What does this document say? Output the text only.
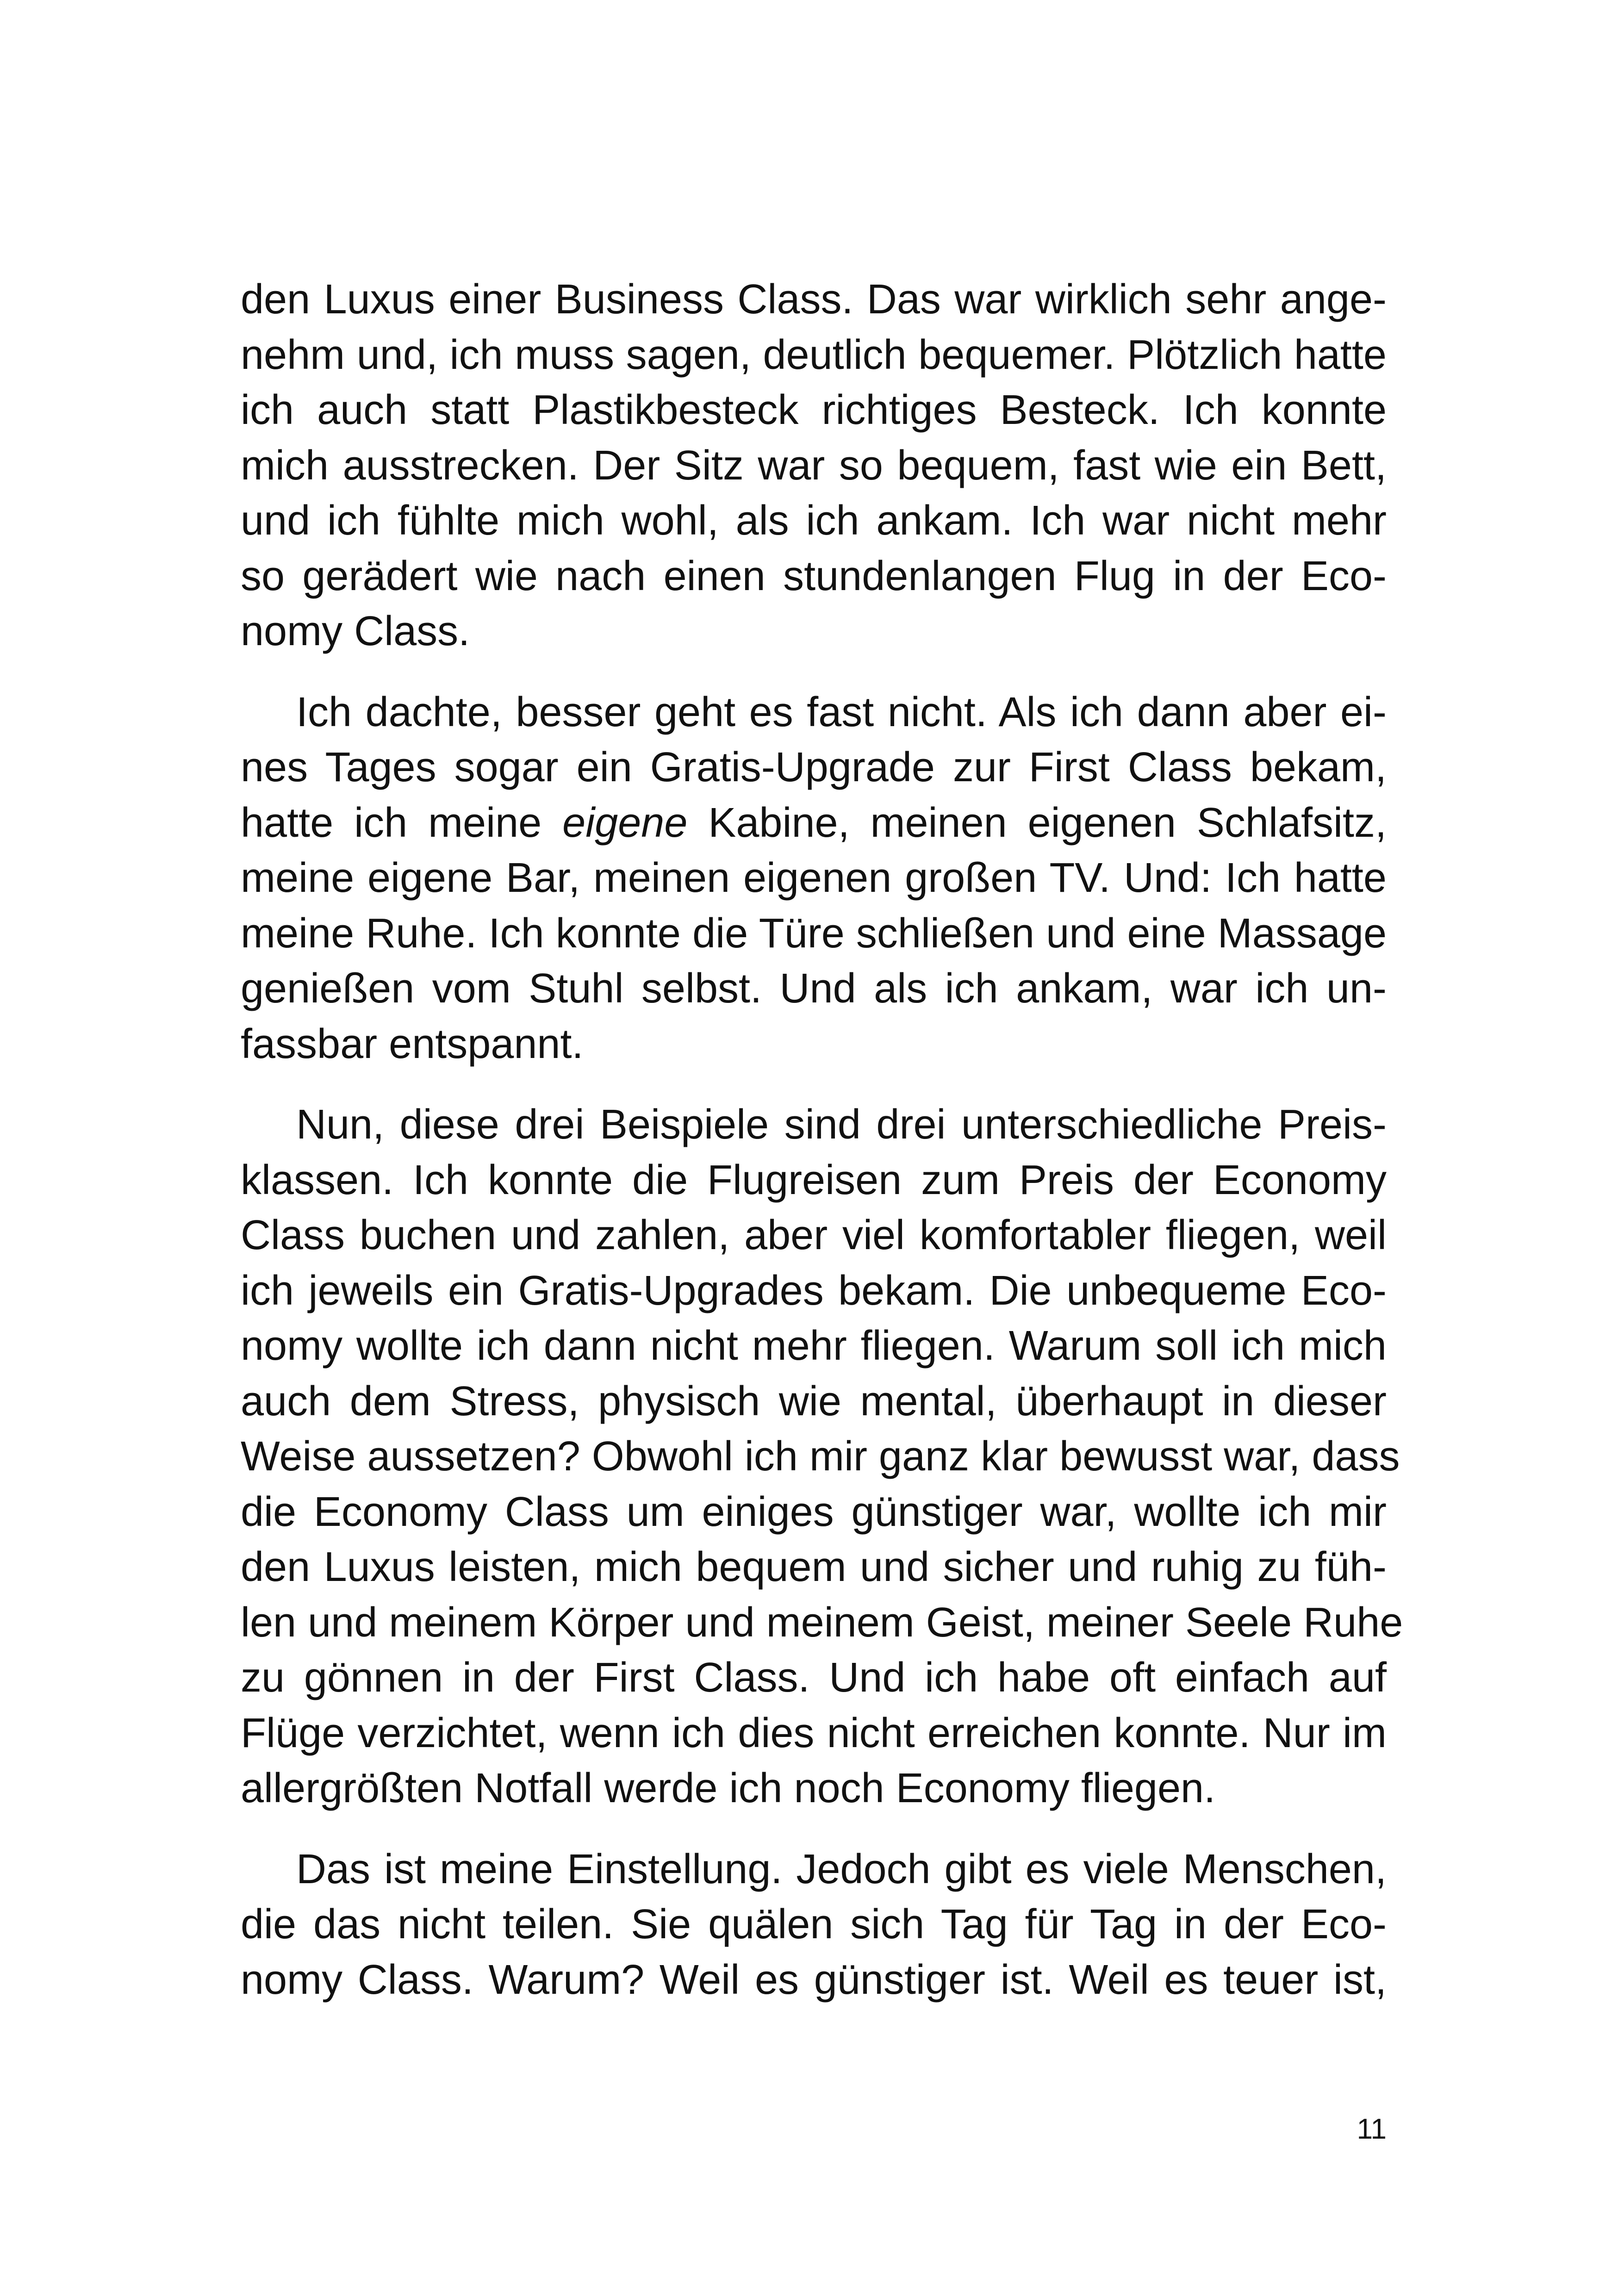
den Luxus einer Business Class. Das war wirklich sehr ange-
nehm und, ich muss sagen, deutlich bequemer. Plötzlich hatte
ich auch statt Plastikbesteck richtiges Besteck. Ich konnte
mich ausstrecken. Der Sitz war so bequem, fast wie ein Bett,
und ich fühlte mich wohl, als ich ankam. Ich war nicht mehr
so gerädert wie nach einen stundenlangen Flug in der Eco-
nomy Class.

Ich dachte, besser geht es fast nicht. Als ich dann aber ei-
nes Tages sogar ein Gratis-Upgrade zur First Class bekam,
hatte ich meine eigene Kabine, meinen eigenen Schlafsitz,
meine eigene Bar, meinen eigenen großen TV. Und: Ich hatte
meine Ruhe. Ich konnte die Türe schließen und eine Massage
genießen vom Stuhl selbst. Und als ich ankam, war ich un-
fassbar entspannt.

Nun, diese drei Beispiele sind drei unterschiedliche Preis-
klassen. Ich konnte die Flugreisen zum Preis der Economy
Class buchen und zahlen, aber viel komfortabler fliegen, weil
ich jeweils ein Gratis-Upgrades bekam. Die unbequeme Eco-
nomy wollte ich dann nicht mehr fliegen. Warum soll ich mich
auch dem Stress, physisch wie mental, überhaupt in dieser
Weise aussetzen? Obwohl ich mir ganz klar bewusst war, dass
die Economy Class um einiges günstiger war, wollte ich mir
den Luxus leisten, mich bequem und sicher und ruhig zu füh-
len und meinem Körper und meinem Geist, meiner Seele Ruhe
zu gönnen in der First Class. Und ich habe oft einfach auf
Flüge verzichtet, wenn ich dies nicht erreichen konnte. Nur im
allergrößten Notfall werde ich noch Economy fliegen.

Das ist meine Einstellung. Jedoch gibt es viele Menschen,
die das nicht teilen. Sie quälen sich Tag für Tag in der Eco-
nomy Class. Warum? Weil es günstiger ist. Weil es teuer ist,

11
